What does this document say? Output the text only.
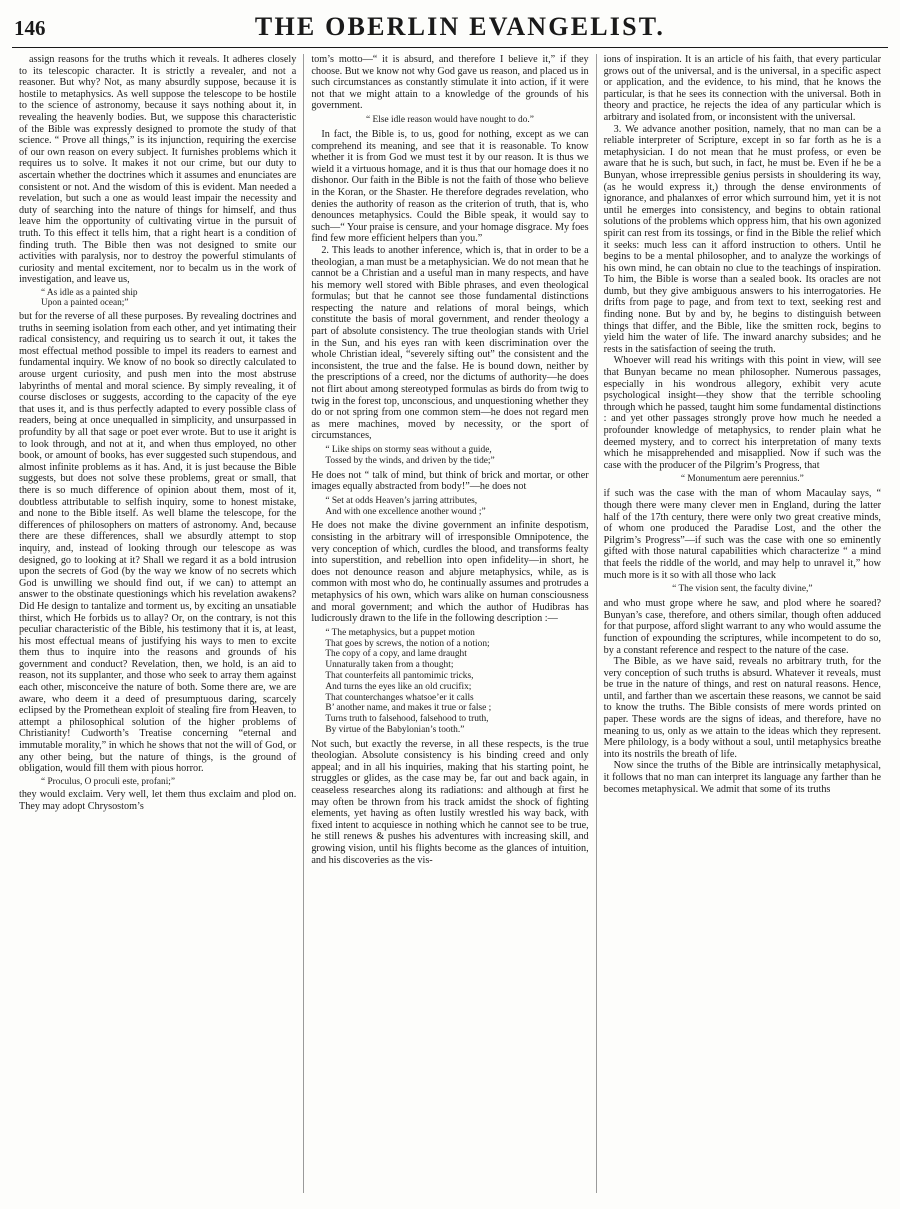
146	THE OBERLIN EVANGELIST.

assign reasons for the truths which it reveals. It adheres closely to its telescopic character. It is strictly a revealer, and not a reasoner. But why? Not, as many absurdly suppose, because it is hostile to metaphysics. As well suppose the telescope to be hostile to the science of astronomy, because it says nothing about it, in revealing the heavenly bodies. But, we suppose this characteristic of the Bible was expressly designed to promote the study of that science. “ Prove all things,” is its injunction, requiring the exercise of our own reason on every subject. It furnishes problems which it requires us to solve. It makes it not our crime, but our duty to ascertain whether the doctrines which it assumes and enunciates are consistent or not. And the wisdom of this is evident. Man needed a revelation, but such a one as would least impair the necessity and duty of searching into the nature of things for himself, and thus leave him the opportunity of cultivating virtue in the pursuit of truth. To this effect it tells him, that a right heart is a condition of finding truth. The Bible then was not designed to smite our activities with paralysis, nor to destroy the powerful stimulants of curiosity and mental excitement, nor to becalm us in the work of investigation, and leave us,

“ As idle as a painted ship
Upon a painted ocean;”

but for the reverse of all these purposes. By revealing doctrines and truths in seeming isolation from each other, and yet intimating their radical consistency, and requiring us to search it out, it takes the most effectual method possible to impel its readers to earnest and fundamental inquiry. We know of no book so directly calculated to arouse urgent curiosity, and push men into the most abstruse labyrinths of mental and moral science. By simply revealing, it of course discloses or suggests, according to the capacity of the eye that uses it, and is thus perfectly adapted to every possible class of readers, being at once unequalled in simplicity, and unsurpassed in profundity by all that sage or poet ever wrote. But to use it aright is to look through, and not at it, and when thus employed, no other book, or amount of books, has ever suggested such stupendous, and almost infinite problems as it has. And, it is just because the Bible suggests, but does not solve these problems, great or small, that there is so much difference of opinion about them, most of it, doubtless attributable to selfish inquiry, some to honest mistake, and none to the Bible itself. As well blame the telescope, for the differences of philosophers on matters of astronomy. And, because there are these differences, shall we absurdly attempt to stop inquiry, and, instead of looking through our telescope as was designed, go to looking at it? Shall we regard it as a bold intrusion upon the secrets of God (by the way we know of no secrets which God is unwilling we should find out, if we can) to attempt an answer to the obstinate questionings which his revelation awakens? Did He design to tantalize and torment us, by exciting an unsatiable thirst, which He forbids us to allay? Or, on the contrary, is not this peculiar characteristic of the Bible, his testimony that it is, at least, his most effectual means of justifying his ways to men to excite them thus to inquire into the reasons and grounds of his government and conduct? Revelation, then, we hold, is an aid to reason, not its supplanter, and those who seek to array them against each other, misconceive the nature of both. Some there are, we are aware, who deem it a deed of presumptuous daring, scarcely eclipsed by the Promethean exploit of stealing fire from Heaven, to attempt a philosophical solution of the higher problems of Christianity! Cudworth’s Treatise concerning “eternal and immutable morality,” in which he shows that not the will of God, or any other being, but the nature of things, is the ground of obligation, would fill them with pious horror.

“ Proculus, O proculi este, profani;”

they would exclaim. Very well, let them thus exclaim and plod on. They may adopt Chrysostom’s

tom’s motto—“ it is absurd, and therefore I believe it,” if they choose. But we know not why God gave us reason, and placed us in such circumstances as constantly stimulate it into action, if it were not that we might attain to a knowledge of the grounds of his government.

“ Else idle reason would have nought to do.”

In fact, the Bible is, to us, good for nothing, except as we can comprehend its meaning, and see that it is reasonable. To know whether it is from God we must test it by our reason. It is thus we wield it a virtuous homage, and it is thus that our homage does it no dishonor. Our faith in the Bible is not the faith of those who believe in the Koran, or the Shaster. He therefore degrades revelation, who denies the authority of reason as the criterion of truth, that is, who denounces metaphysics. Could the Bible speak, it would say to such—“ Your praise is censure, and your homage disgrace. My foes find few more efficient helpers than you.”

2. This leads to another inference, which is, that in order to be a theologian, a man must be a metaphysician. We do not mean that he cannot be a Christian and a useful man in many respects, and have his memory well stored with Bible phrases, and even theological formulas; but that he cannot see those fundamental distinctions respecting the nature and relations of moral beings, which constitute the basis of moral government, and render theology a part of absolute consistency. The true theologian stands with Uriel in the Sun, and his eyes ran with keen discrimination over the whole Christian ideal, “severely sifting out” the consistent and the inconsistent, the true and the false. He is bound down, neither by the prescriptions of a creed, nor the dictums of authority—he does not flirt about among stereotyped formulas as birds do from twig to twig in the forest top, unconscious, and unquestioning whether they do or not spring from one common stem—he does not regard men as mere machines, moved by necessity, or the sport of circumstances,

“ Like ships on stormy seas without a guide,
Tossed by the winds, and driven by the tide;”

He does not “ talk of mind, but think of brick and mortar, or other images equally abstracted from body!”—he does not

“ Set at odds Heaven’s jarring attributes,
And with one excellence another wound ;”

He does not make the divine government an infinite despotism, consisting in the arbitrary will of irresponsible Omnipotence, the very conception of which, curdles the blood, and transforms fealty into superstition, and rebellion into open infidelity—in short, he does not denounce reason and abjure metaphysics, while, as is common with most who do, he continually assumes and protrudes a metaphysics of his own, which wars alike on human consciousness and moral government; and which the author of Hudibras has ludicrously drawn to the life in the following description :—

“ The metaphysics, but a puppet motion
That goes by screws, the notion of a notion;
The copy of a copy, and lame draught
Unnaturally taken from a thought;
That counterfeits all pantomimic tricks,
And turns the eyes like an old crucifix;
That counterchanges whatsoe’er it calls
B’ another name, and makes it true or false ;
Turns truth to falsehood, falsehood to truth,
By virtue of the Babylonian’s tooth.”

Not such, but exactly the reverse, in all these respects, is the true theologian. Absolute consistency is his binding creed and only appeal; and in all his inquiries, making that his starting point, he struggles or glides, as the case may be, far out and back again, in ceaseless researches along its radiations: and although at first he may often be thrown from his track amidst the shock of fighting elements, yet having as often lustily wrestled his way back, with fixed intent to acquiesce in nothing which he cannot see to be true, he still renews & pushes his adventures with increasing skill, and growing vision, until his flights become as the glances of intuition, and his discoveries as the vis-

ions of inspiration. It is an article of his faith, that every particular grows out of the universal, and is the universal, in a specific aspect or application, and the evidence, to his mind, that he knows the particular, is that he sees its connection with the universal. Both in theory and practice, he rejects the idea of any particular which is arbitrary and isolated from, or inconsistent with the universal.

3. We advance another position, namely, that no man can be a reliable interpreter of Scripture, except in so far forth as he is a metaphysician. I do not mean that he must profess, or even be aware that he is such, but such, in fact, he must be. Even if he be a Bunyan, whose irrepressible genius persists in shouldering its way, (as he would express it,) through the dense environments of ignorance, and phalanxes of error which surround him, yet it is not until he emerges into consistency, and begins to obtain rational solutions of the problems which oppress him, that his own agonized spirit can rest from its tossings, or find in the Bible the relief which it seeks: much less can it afford instruction to others. Until he begins to be a mental philosopher, and to analyze the workings of his own mind, he can obtain no clue to the teachings of inspiration. To him, the Bible is worse than a sealed book. Its oracles are not dumb, but they give ambiguous answers to his interrogatories. He drifts from page to page, and from text to text, seeking rest and finding none. But by and by, he begins to distinguish between things that differ, and the Bible, like the smitten rock, begins to yield him the water of life. The inward anarchy subsides; and he rests in the satisfaction of seeing the truth.

Whoever will read his writings with this point in view, will see that Bunyan became no mean philosopher. Numerous passages, especially in his wondrous allegory, exhibit very acute psychological insight—they show that the terrible schooling through which he passed, taught him some fundamental distinctions : and yet other passages strongly prove how much he needed a profounder knowledge of metaphysics, to render plain what he deemed mystery, and to correct his interpretation of many texts which he misapprehended and misapplied. Now if such was the case with the producer of the Pilgrim’s Progress, that

“ Monumentum aere perennius.”

if such was the case with the man of whom Macaulay says, “ though there were many clever men in England, during the latter half of the 17th century, there were only two great creative minds, of whom one produced the Paradise Lost, and the other the Pilgrim’s Progress”—if such was the case with one so eminently gifted with those natural capabilities which characterize “ a mind that feels the riddle of the world, and may help to unravel it,” how much more is it so with all those who lack

“ The vision sent, the faculty divine,”

and who must grope where he saw, and plod where he soared? Bunyan’s case, therefore, and others similar, though often adduced for that purpose, afford slight warrant to any who would assume the function of expounding the scriptures, while incompetent to do so, by a constant reference and respect to the nature of the case.

The Bible, as we have said, reveals no arbitrary truth, for the very conception of such truths is absurd. Whatever it reveals, must be true in the nature of things, and rest on natural reasons. Hence, until, and farther than we ascertain these reasons, we cannot be said to know the truths. The Bible consists of mere words printed on paper. These words are the signs of ideas, and therefore, have no meaning to us, only as we attain to the ideas which they represent. Mere philology, is a body without a soul, until metaphysics breathe into its nostrils the breath of life.

Now since the truths of the Bible are intrinsically metaphysical, it follows that no man can interpret its language any farther than he becomes metaphysical. We admit that some of its truths
